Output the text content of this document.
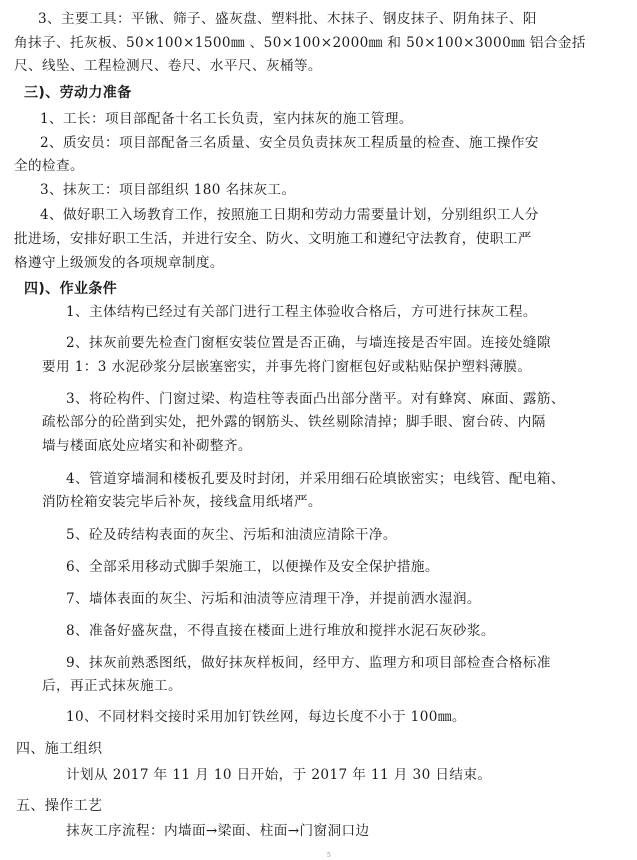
3、主要工具：平锹、筛子、盛灰盘、塑料批、木抹子、钢皮抹子、阴角抹子、阳
角抹子、托灰板、50×100×1500㎜ 、50×100×2000㎜ 和 50×100×3000㎜ 铝合金括
尺、线坠、工程检测尺、卷尺、水平尺、灰桶等。
三)、劳动力准备
1、工长：项目部配备十名工长负责，室内抹灰的施工管理。
2、质安员：项目部配备三名质量、安全员负责抹灰工程质量的检查、施工操作安
全的检查。
3、抹灰工：项目部组织 180 名抹灰工。
4、做好职工入场教育工作，按照施工日期和劳动力需要量计划，分别组织工人分
批进场，安排好职工生活，并进行安全、防火、文明施工和遵纪守法教育，使职工严
格遵守上级颁发的各项规章制度。
四)、作业条件
1、主体结构已经过有关部门进行工程主体验收合格后，方可进行抹灰工程。
2、抹灰前要先检查门窗框安装位置是否正确，与墙连接是否牢固。连接处缝隙
要用 1：3 水泥砂浆分层嵌塞密实，并事先将门窗框包好或粘贴保护塑料薄膜。
3、将砼构件、门窗过梁、构造柱等表面凸出部分凿平。对有蜂窝、麻面、露筋、
疏松部分的砼凿到实处，把外露的钢筋头、铁丝剔除清掉；脚手眼、窗台砖、内隔
墙与楼面底处应堵实和补砌整齐。
4、管道穿墙洞和楼板孔要及时封闭，并采用细石砼填嵌密实；电线管、配电箱、
消防栓箱安装完毕后补灰，接线盒用纸堵严。
5、砼及砖结构表面的灰尘、污垢和油渍应清除干净。
6、全部采用移动式脚手架施工，以便操作及安全保护措施。
7、墙体表面的灰尘、污垢和油渍等应清理干净，并提前洒水湿润。
8、准备好盛灰盘，不得直接在楼面上进行堆放和搅拌水泥石灰砂浆。
9、抹灰前熟悉图纸，做好抹灰样板间，经甲方、监理方和项目部检查合格标准
后，再正式抹灰施工。
10、不同材料交接时采用加钉铁丝网，每边长度不小于 100㎜。
四、施工组织
计划从 2017 年 11 月 10 日开始，于 2017 年 11 月 30 日结束。
五、操作工艺
抹灰工序流程：内墙面→梁面、柱面→门窗洞口边
5
